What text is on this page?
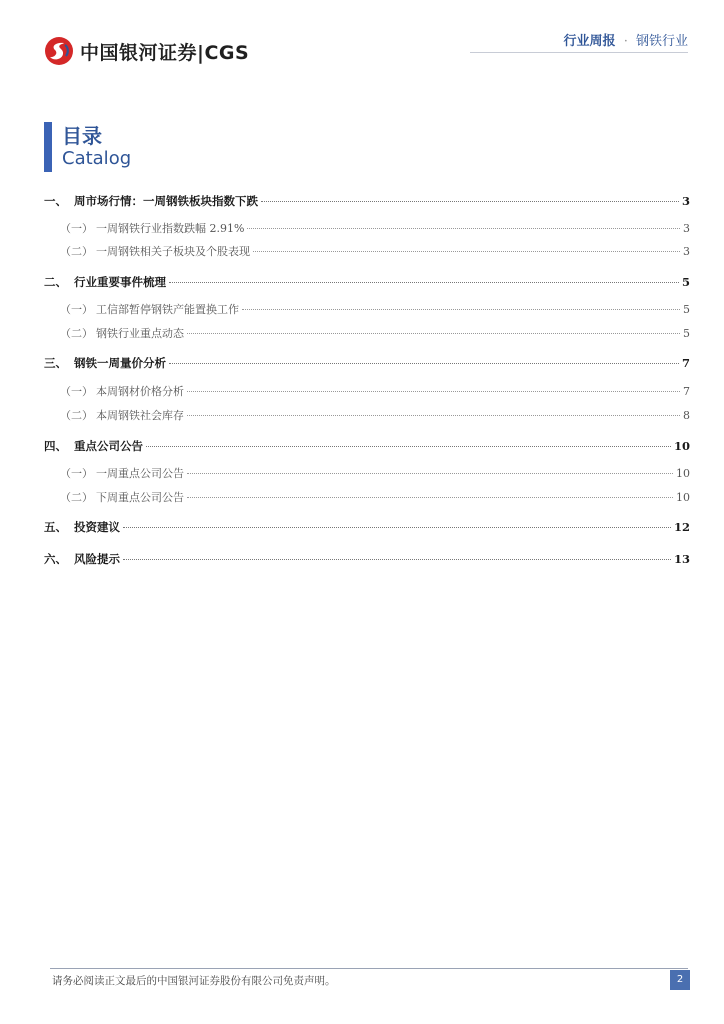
中国银河证券|CGS	行业周报 · 钢铁行业
目录
Catalog
一、 周市场行情：一周钢铁板块指数下跌	3
（一） 一周钢铁行业指数跌幅 2.91%	3
（二） 一周钢铁相关子板块及个股表现	3
二、 行业重要事件梳理	5
（一） 工信部暂停钢铁产能置换工作	5
（二） 钢铁行业重点动态	5
三、 钢铁一周量价分析	7
（一） 本周钢材价格分析	7
（二） 本周钢铁社会库存	8
四、 重点公司公告	10
（一） 一周重点公司公告	10
（二） 下周重点公司公告	10
五、 投资建议	12
六、 风险提示	13
请务必阅读正文最后的中国银河证券股份有限公司免责声明。	2
